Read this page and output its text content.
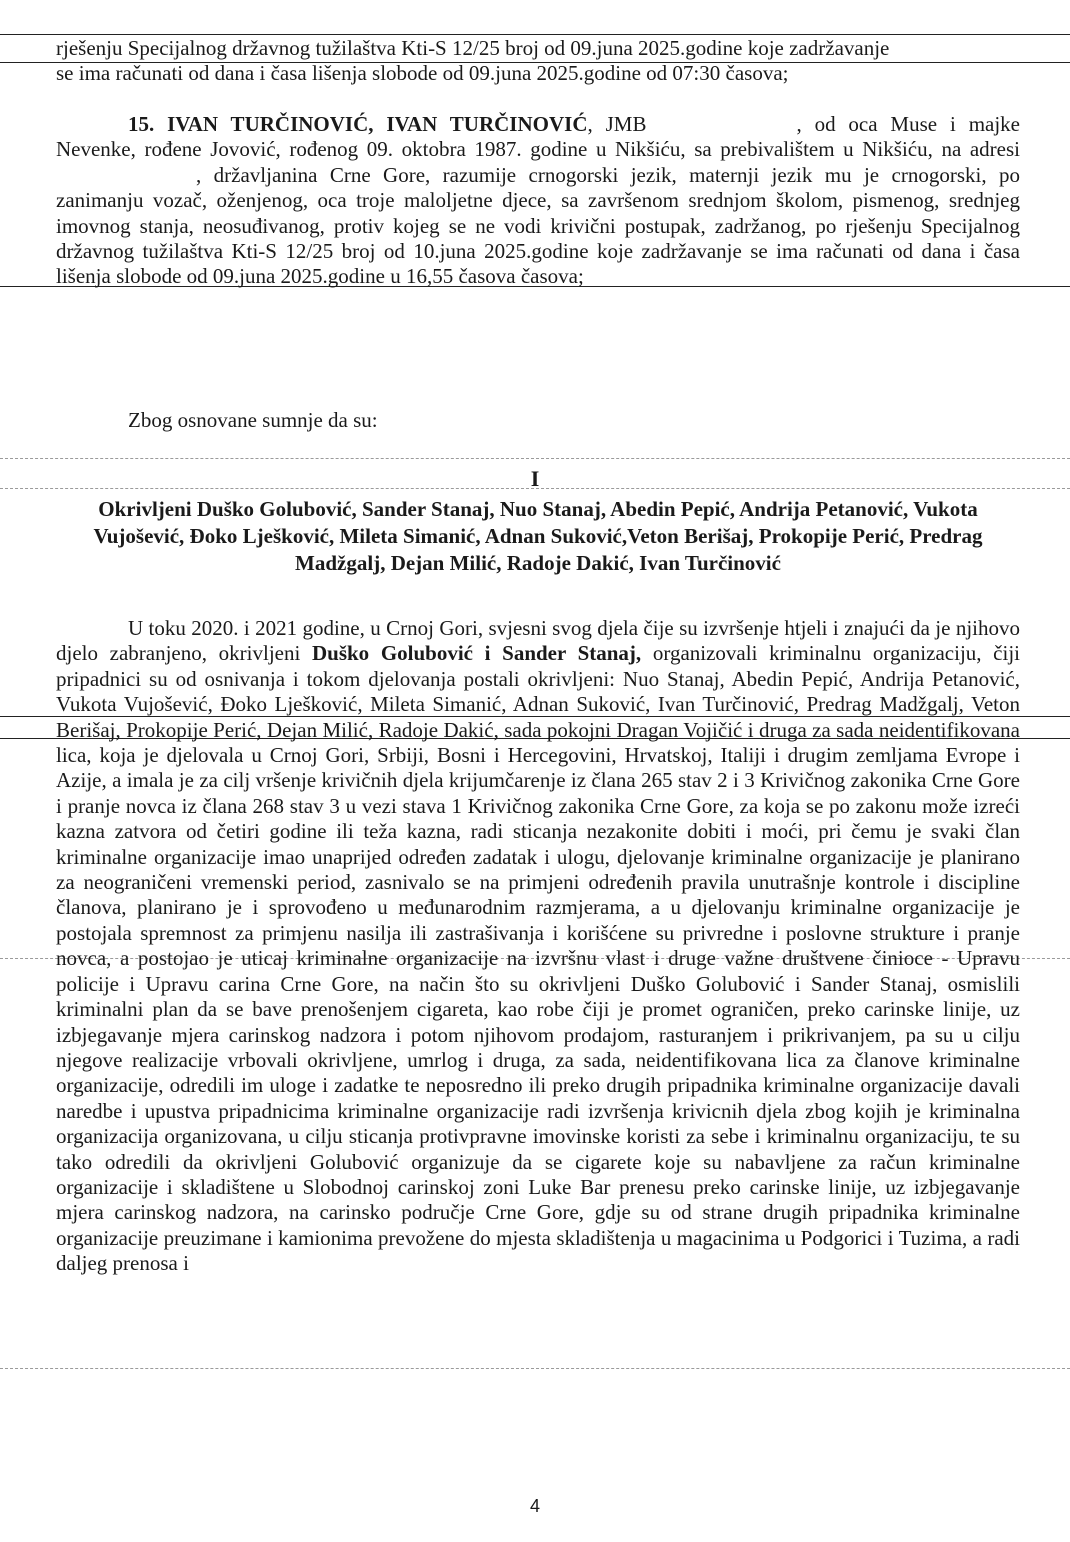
rješenju Specijalnog državnog tužilaštva Kti-S 12/25 broj od 09.juna 2025.godine koje zadržavanje
se ima računati od dana i časa lišenja slobode od 09.juna 2025.godine od 07:30 časova;
15. IVAN TURČINOVIĆ, IVAN TURČINOVIĆ, JMB	, od oca Muse i majke Nevenke, rođene Jovović, rođenog 09. oktobra 1987. godine u Nikšiću, sa prebivalištem u Nikšiću, na adresi, državljanina Crne Gore, razumije crnogorski jezik, maternji jezik mu je crnogorski, po zanimanju vozač, oženjenog, oca troje maloljetne djece, sa završenom srednjom školom, pismenog, srednjeg imovnog stanja, neosuđivanog, protiv kojeg se ne vodi krivični postupak, zadržanog, po rješenju Specijalnog državnog tužilaštva Kti-S 12/25 broj od 10.juna 2025.godine koje zadržavanje se ima računati od dana i časa lišenja slobode od 09.juna 2025.godine u 16,55 časova časova;
Zbog osnovane sumnje da su:
I
Okrivljeni Duško Golubović, Sander Stanaj, Nuo Stanaj, Abedin Pepić, Andrija Petanović, Vukota Vujošević, Đoko Lješković, Mileta Simanić, Adnan Suković,Veton Berišaj, Prokopije Perić, Predrag Madžgalj, Dejan Milić, Radoje Dakić, Ivan Turčinović
U toku 2020. i 2021 godine, u Crnoj Gori, svjesni svog djela čije su izvršenje htjeli i znajući da je njihovo djelo zabranjeno, okrivljeni Duško Golubović i Sander Stanaj, organizovali kriminalnu organizaciju, čiji pripadnici su od osnivanja i tokom djelovanja postali okrivljeni: Nuo Stanaj, Abedin Pepić, Andrija Petanović, Vukota Vujošević, Đoko Lješković, Mileta Simanić, Adnan Suković, Ivan Turčinović, Predrag Madžgalj, Veton Berišaj, Prokopije Perić, Dejan Milić, Radoje Dakić, sada pokojni Dragan Vojičić i druga za sada neidentifikovana lica, koja je djelovala u Crnoj Gori, Srbiji, Bosni i Hercegovini, Hrvatskoj, Italiji i drugim zemljama Evrope i Azije, a imala je za cilj vršenje krivičnih djela krijumčarenje iz člana 265 stav 2 i 3 Krivičnog zakonika Crne Gore i pranje novca iz člana 268 stav 3 u vezi stava 1 Krivičnog zakonika Crne Gore, za koja se po zakonu može izreći kazna zatvora od četiri godine ili teža kazna, radi sticanja nezakonite dobiti i moći, pri čemu je svaki član kriminalne organizacije imao unaprijed određen zadatak i ulogu, djelovanje kriminalne organizacije je planirano za neograničeni vremenski period, zasnivalo se na primjeni određenih pravila unutrašnje kontrole i discipline članova, planirano je i sprovođeno u međunarodnim razmjerama, a u djelovanju kriminalne organizacije je postojala spremnost za primjenu nasilja ili zastrašivanja i korišćene su privredne i poslovne strukture i pranje novca, a postojao je uticaj kriminalne organizacije na izvršnu vlast i druge važne društvene činioce - Upravu policije i Upravu carina Crne Gore, na način što su okrivljeni Duško Golubović i Sander Stanaj, osmislili kriminalni plan da se bave prenošenjem cigareta, kao robe čiji je promet ograničen, preko carinske linije, uz izbjegavanje mjera carinskog nadzora i potom njihovom prodajom, rasturanjem i prikrivanjem, pa su u cilju njegove realizacije vrbovali okrivljene, umrlog i druga, za sada, neidentifikovana lica za članove kriminalne organizacije, odredili im uloge i zadatke te neposredno ili preko drugih pripadnika kriminalne organizacije davali naredbe i upustva pripadnicima kriminalne organizacije radi izvršenja krivicnih djela zbog kojih je kriminalna organizacija organizovana, u cilju sticanja protivpravne imovinske koristi za sebe i kriminalnu organizaciju, te su tako odredili da okrivljeni Golubović organizuje da se cigarete koje su nabavljene za račun kriminalne organizacije i skladištene u Slobodnoj carinskoj zoni Luke Bar prenesu preko carinske linije, uz izbjegavanje mjera carinskog nadzora, na carinsko područje Crne Gore, gdje su od strane drugih pripadnika kriminalne organizacije preuzimane i kamionima prevožene do mjesta skladištenja u magacinima u Podgorici i Tuzima, a radi daljeg prenosa i
4
